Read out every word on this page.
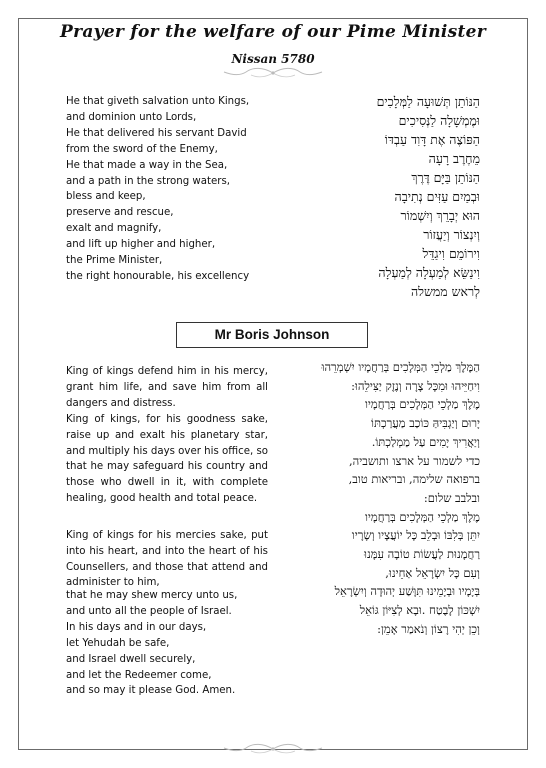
Prayer for the welfare of our Pime Minister
Nissan 5780
He that giveth salvation unto Kings,
and dominion unto Lords,
He that delivered his servant David
from the sword of the Enemy,
He that made a way in the Sea,
and a path in the strong waters,
bless and keep,
preserve and rescue,
exalt and magnify,
and lift up higher and higher,
the Prime Minister,
the right honourable, his excellency
הַנּוֹתֵן תְּשׁוּעָה לַמְּלָכִים
וּמֶמְשָׁלָה לַנְּסִיכִים
הַפּוֹצֶה אֶת דָּוִד עַבְדּוֹ
מֵחֶרֶב רָעָה
הַנּוֹתֵן בַּיָּם דֶּרֶךְ
וּבְמַיִם עַזִּים נְתִיבָה
הוּא יְבָרֵךְ וְיִשְׁמוֹר
וְיִנְצוֹר וְיַעֲזוֹר
וִירוֹמֵם וִיגַדֵּל
וִינַשֵּׂא לְמַעְלָה לְמַעְלָה
לְראש ממשלה
Mr Boris Johnson
King of kings defend him in his mercy, grant him life, and save him from all dangers and distress.
King of kings, for his goodness sake, raise up and exalt his planetary star, and multiply his days over his office, so that he may safeguard his country and those who dwell in it, with complete healing, good health and total peace.
King of kings for his mercies sake, put into his heart, and into the heart of his Counsellers, and those that attend and administer to him,
that he may shew mercy unto us,
and unto all the people of Israel.
In his days and in our days,
let Yehudah be safe,
and Israel dwell securely,
and let the Redeemer come,
and so may it please God. Amen.
הַמֶּלֶךְ מַלְכֵי הַמְּלָכִים בְּרַחֲמָיו יִשְׁמְרֵהוּ
וִיחַיֵּיהוּ וּמִכָּל צָרָה וְנֶזֶק יַצִּילֵהוּ:
מֶלֶךְ מַלְכֵי הַמְּלָכִים בְּרַחֲמָיו
יָרוּם וְיַגְבִּיהַּ כּוֹכַב מַעֲרַכְתּוֹ
וְיַאֲרִיךְ יָמִים עַל מַמְלַכְתּוֹ.
כדי לשמור על ארצו ותושביה,
ברפואה שלימה, ובריאות טוב,
ובלבב שלום:
מֶלֶךְ מַלְכֵי הַמְּלָכִים בְּרַחֲמָיו
יִתֵּן בְּלִבּוֹ וּבְלֵב כָּל יוֹעֲצָיו וְשָׂרָיו
רַחֲמָנוּת לַעֲשׂוֹת טוֹבָה עִמָּנוּ
וְעִם כָּל יִשְׂרָאֵל אַחֵינוּ,
בְּיָמָיו וּבְיָמֵינוּ תִּוָּשַׁע יְהוּדָה וְיִשְׂרָאֵל
יִשְׁכּוֹן לָבֶטַח .וּבָא לְצִיּוֹן גּוֹאֵל
וְכֵן יְהִי רָצוֹן וְנֹאמַר אָמֵן:
